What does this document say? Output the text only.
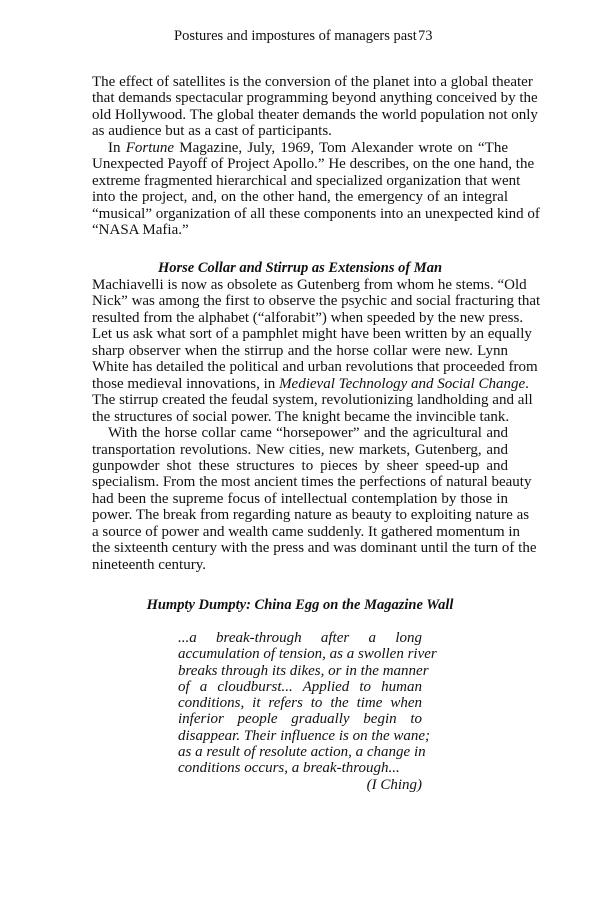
Postures and impostures of managers past 73
The effect of satellites is the conversion of the planet into a global theater
that demands spectacular programming beyond anything conceived by the
old Hollywood. The global theater demands the world population not only
as audience but as a cast of participants.
In Fortune Magazine, July, 1969, Tom Alexander wrote on “The
Unexpected Payoff of Project Apollo.” He describes, on the one hand, the
extreme fragmented hierarchical and specialized organization that went
into the project, and, on the other hand, the emergency of an integral
“musical” organization of all these components into an unexpected kind of
“NASA Mafia.”
Horse Collar and Stirrup as Extensions of Man
Machiavelli is now as obsolete as Gutenberg from whom he stems. “Old
Nick” was among the first to observe the psychic and social fracturing that
resulted from the alphabet (“alforabit”) when speeded by the new press.
Let us ask what sort of a pamphlet might have been written by an equally
sharp observer when the stirrup and the horse collar were new. Lynn
White has detailed the political and urban revolutions that proceeded from
those medieval innovations, in Medieval Technology and Social Change.
The stirrup created the feudal system, revolutionizing landholding and all
the structures of social power. The knight became the invincible tank.
With the horse collar came “horsepower” and the agricultural and
transportation revolutions. New cities, new markets, Gutenberg, and
gunpowder shot these structures to pieces by sheer speed-up and
specialism. From the most ancient times the perfections of natural beauty
had been the supreme focus of intellectual contemplation by those in
power. The break from regarding nature as beauty to exploiting nature as
a source of power and wealth came suddenly. It gathered momentum in
the sixteenth century with the press and was dominant until the turn of the
nineteenth century.
Humpty Dumpty: China Egg on the Magazine Wall
...a break-through after a long
accumulation of tension, as a swollen river
breaks through its dikes, or in the manner
of a cloudburst... Applied to human
conditions, it refers to the time when
inferior people gradually begin to
disappear. Their influence is on the wane;
as a result of resolute action, a change in
conditions occurs, a break-through...
(I Ching)
